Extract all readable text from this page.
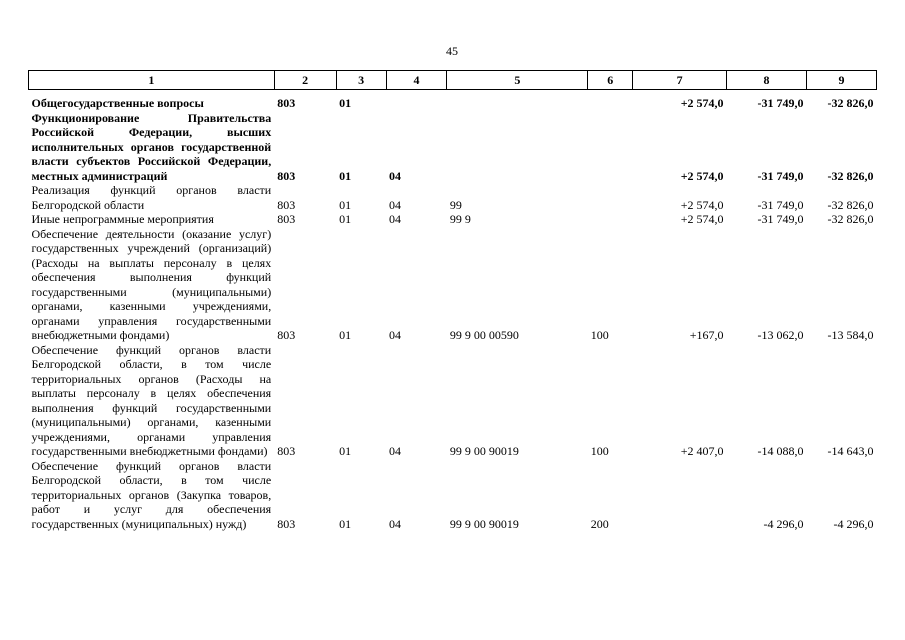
45
1	2	3	4	5	6	7	8	9

Общегосударственные вопросы	803	01				+2 574,0	-31 749,0	-32 826,0
Функционирование Правительства Российской Федерации, высших исполнительных органов государственной власти субъектов Российской Федерации, местных администраций	803	01	04			+2 574,0	-31 749,0	-32 826,0
Реализация функций органов власти Белгородской области	803	01	04	99		+2 574,0	-31 749,0	-32 826,0
Иные непрограммные мероприятия	803	01	04	99 9		+2 574,0	-31 749,0	-32 826,0
Обеспечение деятельности (оказание услуг) государственных учреждений (организаций) (Расходы на выплаты персоналу в целях обеспечения выполнения функций государственными (муниципальными) органами, казенными учреждениями, органами управления государственными внебюджетными фондами)	803	01	04	99 9 00 00590	100	+167,0	-13 062,0	-13 584,0
Обеспечение функций органов власти Белгородской области, в том числе территориальных органов (Расходы на выплаты персоналу в целях обеспечения выполнения функций государственными (муниципальными) органами, казенными учреждениями, органами управления государственными внебюджетными фондами)	803	01	04	99 9 00 90019	100	+2 407,0	-14 088,0	-14 643,0
Обеспечение функций органов власти Белгородской области, в том числе территориальных органов (Закупка товаров, работ и услуг для обеспечения государственных (муниципальных) нужд)	803	01	04	99 9 00 90019	200		-4 296,0	-4 296,0
